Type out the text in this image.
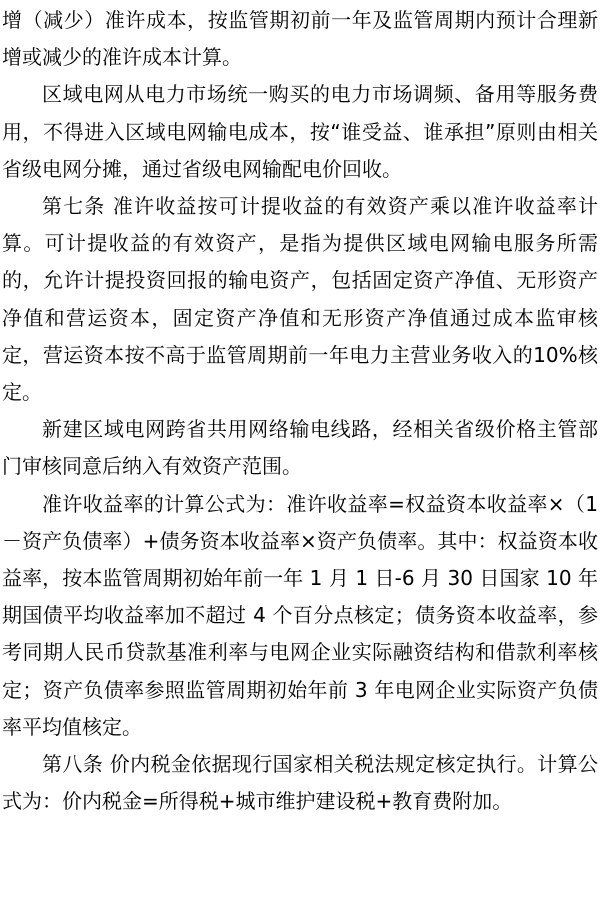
增（减少）准许成本，按监管期初前一年及监管周期内预计合理新增或减少的准许成本计算。

区域电网从电力市场统一购买的电力市场调频、备用等服务费用，不得进入区域电网输电成本，按“谁受益、谁承担”原则由相关省级电网分摊，通过省级电网输配电价回收。

第七条 准许收益按可计提收益的有效资产乘以准许收益率计算。可计提收益的有效资产，是指为提供区域电网输电服务所需的，允许计提投资回报的输电资产，包括固定资产净值、无形资产净值和营运资本，固定资产净值和无形资产净值通过成本监审核定，营运资本按不高于监管周期前一年电力主营业务收入的10%核定。

新建区域电网跨省共用网络输电线路，经相关省级价格主管部门审核同意后纳入有效资产范围。

准许收益率的计算公式为：准许收益率=权益资本收益率×（1－资产负债率）+债务资本收益率×资产负债率。其中：权益资本收益率，按本监管周期初始年前一年 1 月 1 日-6 月 30 日国家 10 年期国债平均收益率加不超过 4 个百分点核定；债务资本收益率，参考同期人民币贷款基准利率与电网企业实际融资结构和借款利率核定；资产负债率参照监管周期初始年前 3 年电网企业实际资产负债率平均值核定。

第八条 价内税金依据现行国家相关税法规定核定执行。计算公式为：价内税金=所得税+城市维护建设税+教育费附加。
